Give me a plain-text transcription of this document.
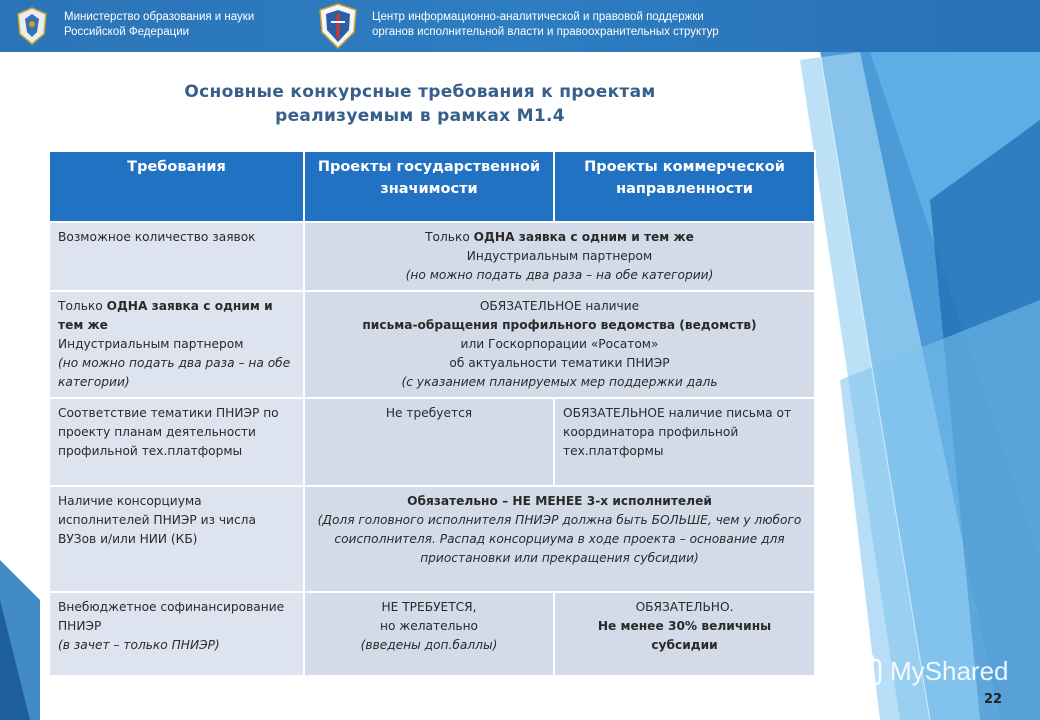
Министерство образования и науки
Российской Федерации
Центр информационно-аналитической и правовой поддержки
органов исполнительной власти и правоохранительных структур
Основные конкурсные требования к проектам
реализуемым в рамках М1.4
Требования	Проекты государственной значимости	Проекты коммерческой направленности
Возможное количество заявок	Только ОДНА заявка с одним и тем же
Индустриальным партнером
(но можно подать два раза – на обе категории)	

Только ОДНА заявка с одним и тем же
Индустриальным партнером
(но можно подать два раза – на обе категории)	ОБЯЗАТЕЛЬНОЕ наличие
письма-обращения профильного ведомства (ведомств)
или Госкорпорации «Росатом»
об актуальности тематики ПНИЭР
(с указанием планируемых мер поддержки даль	

Соответствие тематики ПНИЭР по проекту планам деятельности профильной тех.платформы	Не требуется	ОБЯЗАТЕЛЬНОЕ наличие письма от координатора профильной тех.платформы
Наличие консорциума исполнителей ПНИЭР из числа ВУЗов и/или НИИ (КБ)	Обязательно – НЕ МЕНЕЕ 3-х исполнителей
(Доля головного исполнителя ПНИЭР должна быть БОЛЬШЕ, чем у любого соисполнителя. Распад консорциума в ходе проекта – основание для приостановки или прекращения субсидии)	

Внебюджетное софинансирование ПНИЭР
(в зачет – только ПНИЭР)	НЕ ТРЕБУЕТСЯ,
но желательно
(введены доп.баллы)	ОБЯЗАТЕЛЬНО.
Не менее 30% величины субсидии
MyShared
22
